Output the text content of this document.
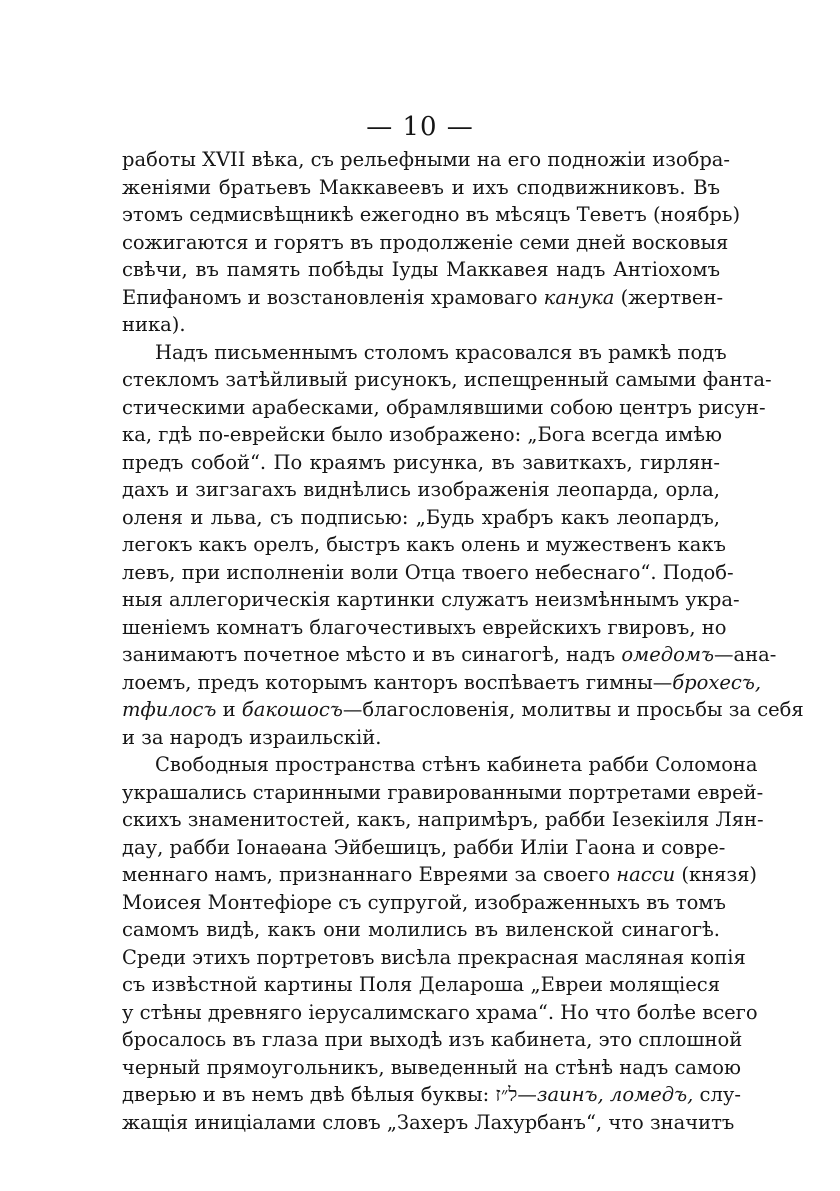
— 10 —
работы XVII вѣка, съ рельефными на его подножіи изобра-
женіями братьевъ Маккавеевъ и ихъ сподвижниковъ. Въ
этомъ седмисвѣщникѣ ежегодно въ мѣсяцъ Теветъ (ноябрь)
сожигаются и горятъ въ продолженіе семи дней восковыя
свѣчи, въ память побѣды Іуды Маккавея надъ Антіохомъ
Епифаномъ и возстановленія храмоваго канука (жертвен-
ника).
Надъ письменнымъ столомъ красовался въ рамкѣ подъ
стекломъ затѣйливый рисунокъ, испещренный самыми фанта-
стическими арабесками, обрамлявшими собою центръ рисун-
ка, гдѣ по-еврейски было изображено: „Бога всегда имѣю
предъ собой“. По краямъ рисунка, въ завиткахъ, гирлян-
дахъ и зигзагахъ виднѣлись изображенія леопарда, орла,
оленя и льва, съ подписью: „Будь храбръ какъ леопардъ,
легокъ какъ орелъ, быстръ какъ олень и мужественъ какъ
левъ, при исполненіи воли Отца твоего небеснаго“. Подоб-
ныя аллегорическія картинки служатъ неизмѣннымъ укра-
шеніемъ комнатъ благочестивыхъ еврейскихъ гвировъ, но
занимаютъ почетное мѣсто и въ синагогѣ, надъ омедомъ—ана-
лоемъ, предъ которымъ канторъ воспѣваетъ гимны—брохесъ,
тфилосъ и бакошосъ—благословенія, молитвы и просьбы за себя
и за народъ израильскій.
Свободныя пространства стѣнъ кабинета рабби Соломона
украшались старинными гравированными портретами еврей-
скихъ знаменитостей, какъ, напримѣръ, рабби Іезекіиля Лян-
дау, рабби Іонаѳана Эйбешицъ, рабби Иліи Гаона и совре-
меннаго намъ, признаннаго Евреями за своего насси (князя)
Моисея Монтефіоре съ супругой, изображенныхъ въ томъ
самомъ видѣ, какъ они молились въ виленской синагогѣ.
Среди этихъ портретовъ висѣла прекрасная масляная копія
съ извѣстной картины Поля Делароша „Евреи молящіеся
у стѣны древняго іерусалимскаго храма“. Но что болѣе всего
бросалось въ глаза при выходѣ изъ кабинета, это сплошной
черный прямоугольникъ, выведенный на стѣнѣ надъ самою
дверью и въ немъ двѣ бѣлыя буквы: ל״ז—заинъ, ломедъ, слу-
жащія иниціалами словъ „Захеръ Лахурбанъ“, что значитъ
